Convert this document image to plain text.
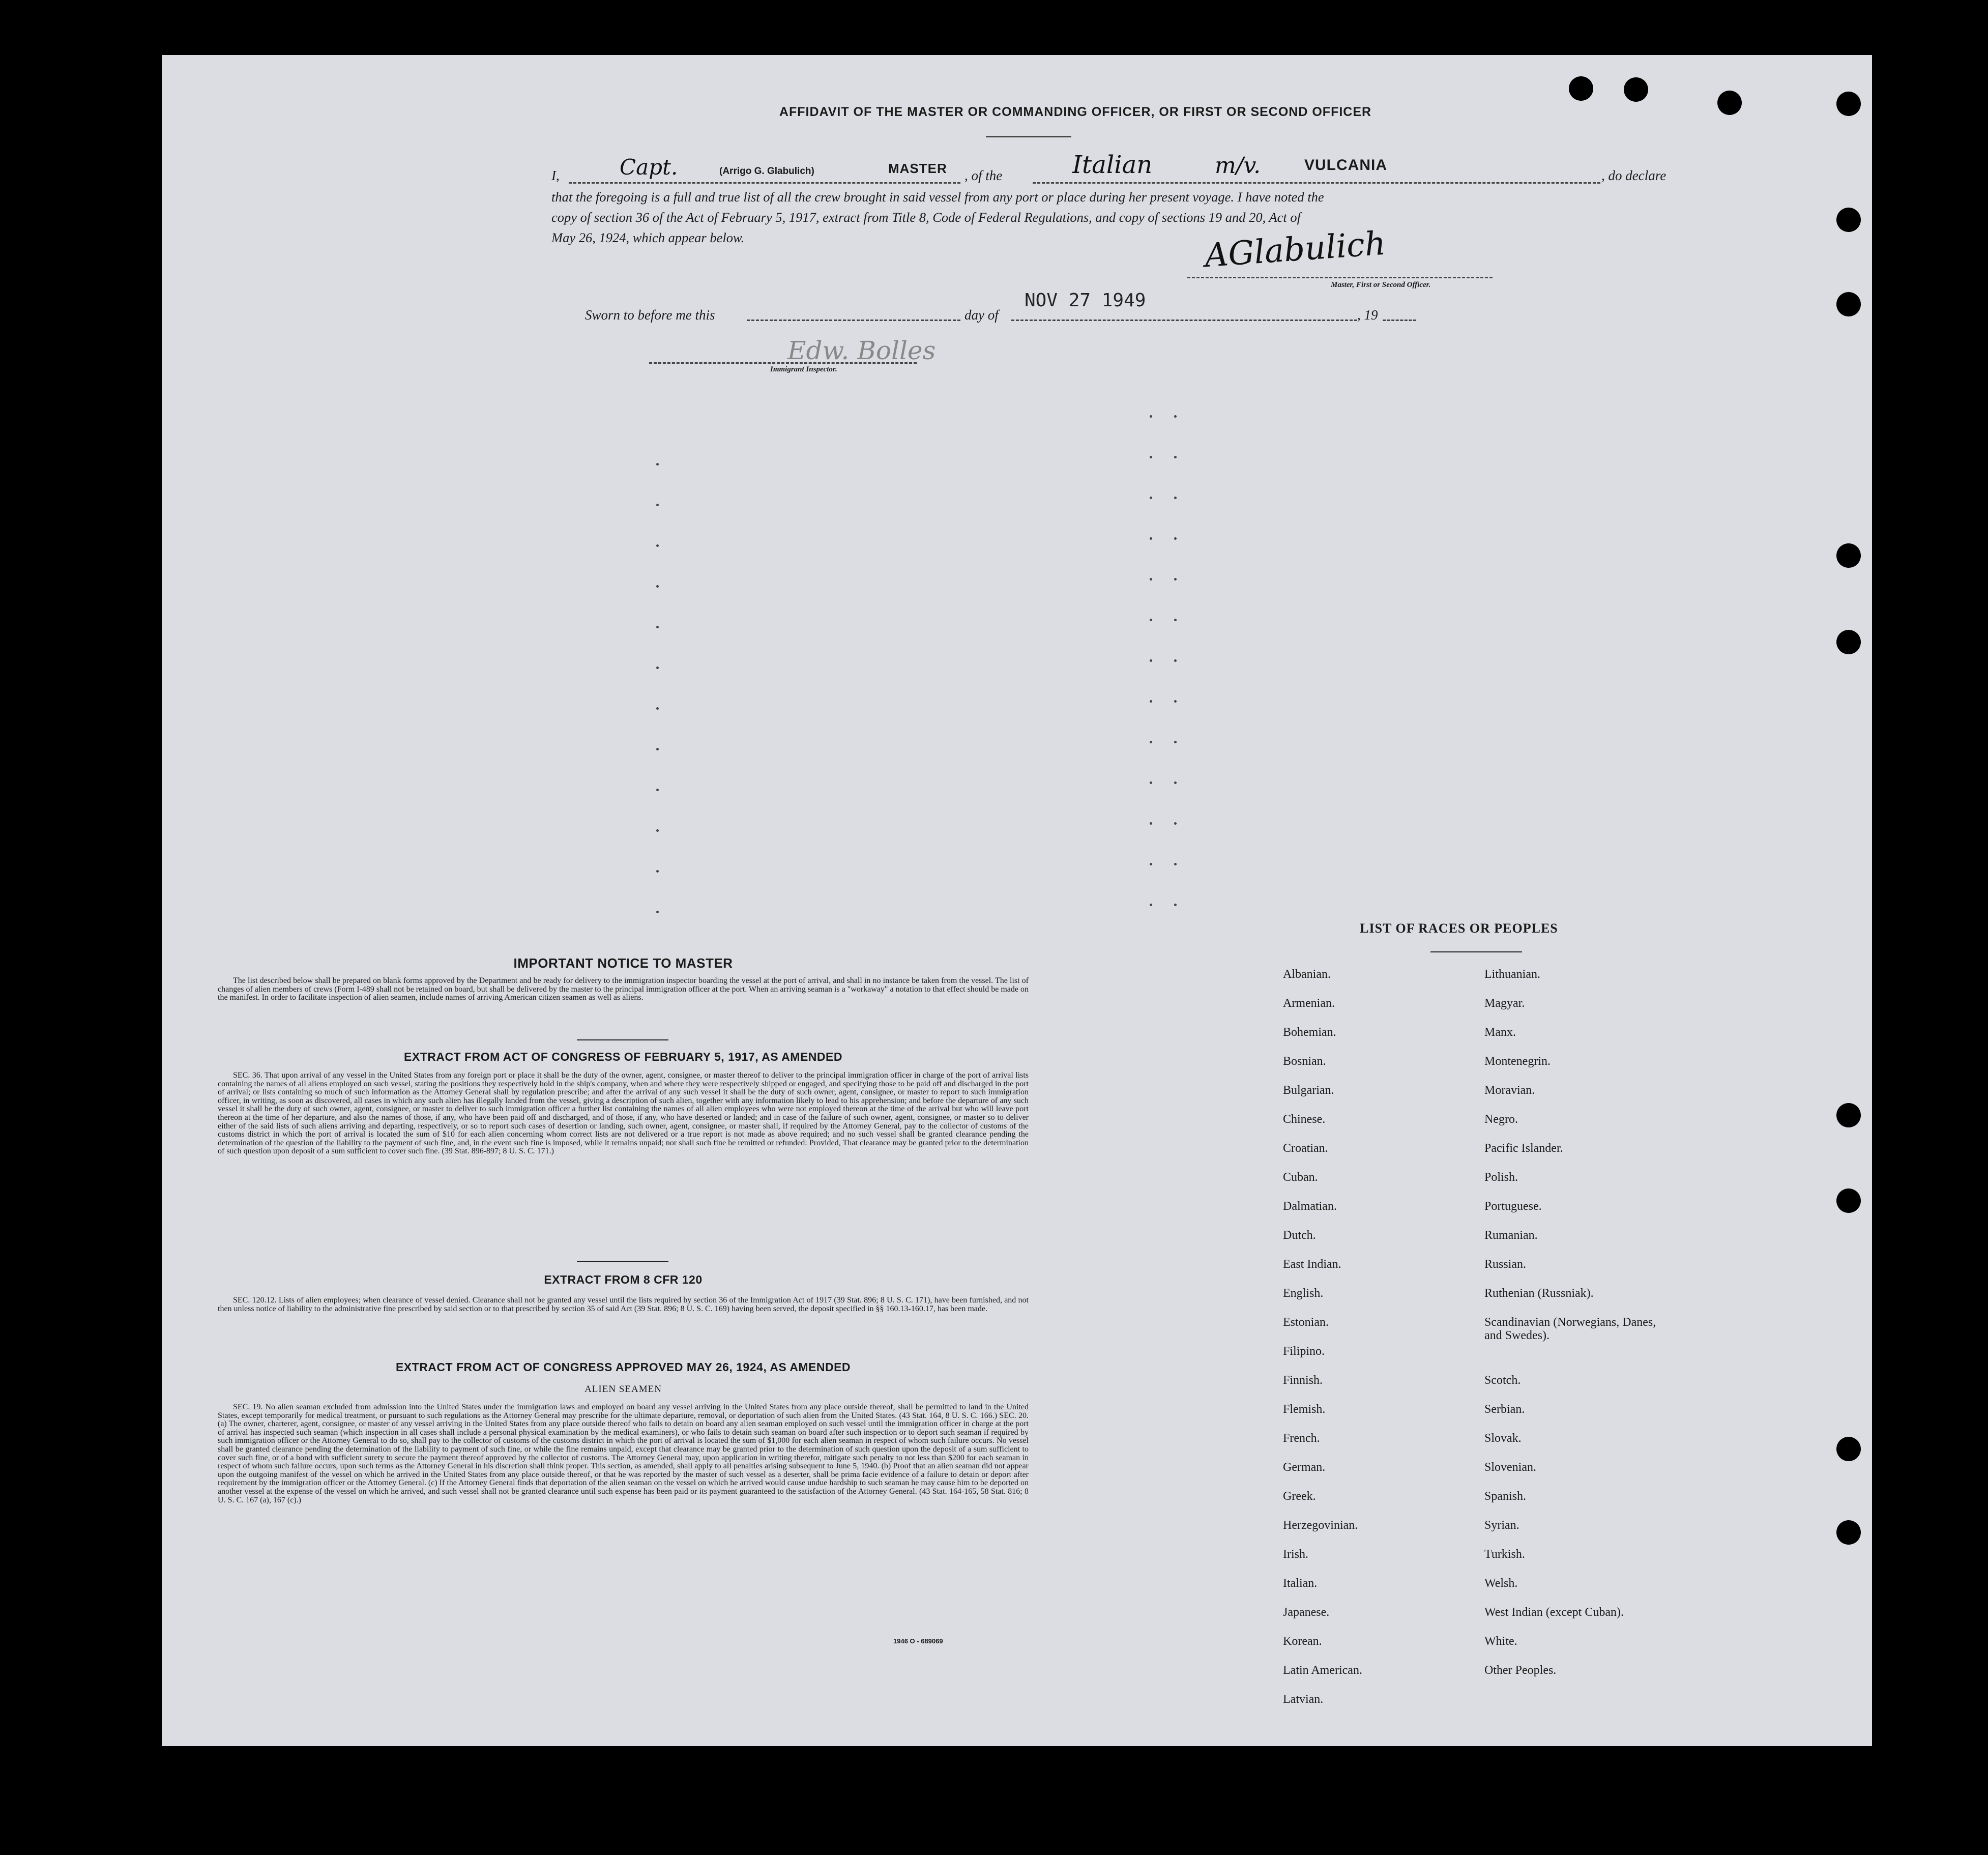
AFFIDAVIT OF THE MASTER OR COMMANDING OFFICER, OR FIRST OR SECOND OFFICER
I,	Capt.	(Arrigo G. Glabulich)	MASTER , of the	Italian	m/v.	VULCANIA
, do declare
that the foregoing is a full and true list of all the crew brought in said vessel from any port or place during her present voyage. I have noted the
copy of section 36 of the Act of February 5, 1917, extract from Title 8, Code of Federal Regulations, and copy of sections 19 and 20, Act of
May 26, 1924, which appear below.	AGlabulich
Master, First or Second Officer.
Sworn to before me this	day of
NOV 27 1949
, 19
Edw. Bolles
Immigrant Inspector.
IMPORTANT NOTICE TO MASTER
The list described below shall be prepared on blank forms approved by the Department and be ready for delivery to the immigration inspector boarding the vessel at the port of arrival, and shall in no instance be taken from the vessel. The list of changes of alien members of crews (Form I-489 shall not be retained on board, but shall be delivered by the master to the principal immigration officer at the port. When an arriving seaman is a "workaway" a notation to that effect should be made on the manifest. In order to facilitate inspection of alien seamen, include names of arriving American citizen seamen as well as aliens.
EXTRACT FROM ACT OF CONGRESS OF FEBRUARY 5, 1917, AS AMENDED
SEC. 36. That upon arrival of any vessel in the United States from any foreign port or place it shall be the duty of the owner, agent, consignee, or master thereof to deliver to the principal immigration officer in charge of the port of arrival lists containing the names of all aliens employed on such vessel, stating the positions they respectively hold in the ship's company, when and where they were respectively shipped or engaged, and specifying those to be paid off and discharged in the port of arrival; or lists containing so much of such information as the Attorney General shall by regulation prescribe; and after the arrival of any such vessel it shall be the duty of such owner, agent, consignee, or master to report to such immigration officer, in writing, as soon as discovered, all cases in which any such alien has illegally landed from the vessel, giving a description of such alien, together with any information likely to lead to his apprehension; and before the departure of any such vessel it shall be the duty of such owner, agent, consignee, or master to deliver to such immigration officer a further list containing the names of all alien employees who were not employed thereon at the time of the arrival but who will leave port thereon at the time of her departure, and also the names of those, if any, who have been paid off and discharged, and of those, if any, who have deserted or landed; and in case of the failure of such owner, agent, consignee, or master so to deliver either of the said lists of such aliens arriving and departing, respectively, or so to report such cases of desertion or landing, such owner, agent, consignee, or master shall, if required by the Attorney General, pay to the collector of customs of the customs district in which the port of arrival is located the sum of $10 for each alien concerning whom correct lists are not delivered or a true report is not made as above required; and no such vessel shall be granted clearance pending the determination of the question of the liability to the payment of such fine, and, in the event such fine is imposed, while it remains unpaid; nor shall such fine be remitted or refunded: Provided, That clearance may be granted prior to the determination of such question upon deposit of a sum sufficient to cover such fine. (39 Stat. 896-897; 8 U. S. C. 171.)
EXTRACT FROM 8 CFR 120
SEC. 120.12. Lists of alien employees; when clearance of vessel denied. Clearance shall not be granted any vessel until the lists required by section 36 of the Immigration Act of 1917 (39 Stat. 896; 8 U. S. C. 171), have been furnished, and not then unless notice of liability to the administrative fine prescribed by said section or to that prescribed by section 35 of said Act (39 Stat. 896; 8 U. S. C. 169) having been served, the deposit specified in §§ 160.13-160.17, has been made.
EXTRACT FROM ACT OF CONGRESS APPROVED MAY 26, 1924, AS AMENDED
ALIEN SEAMEN
SEC. 19. No alien seaman excluded from admission into the United States under the immigration laws and employed on board any vessel arriving in the United States from any place outside thereof, shall be permitted to land in the United States, except temporarily for medical treatment, or pursuant to such regulations as the Attorney General may prescribe for the ultimate departure, removal, or deportation of such alien from the United States. (43 Stat. 164, 8 U. S. C. 166.) SEC. 20. (a) The owner, charterer, agent, consignee, or master of any vessel arriving in the United States from any place outside thereof who fails to detain on board any alien seaman employed on such vessel until the immigration officer in charge at the port of arrival has inspected such seaman (which inspection in all cases shall include a personal physical examination by the medical examiners), or who fails to detain such seaman on board after such inspection or to deport such seaman if required by such immigration officer or the Attorney General to do so, shall pay to the collector of customs of the customs district in which the port of arrival is located the sum of $1,000 for each alien seaman in respect of whom such failure occurs. No vessel shall be granted clearance pending the determination of the liability to payment of such fine, or while the fine remains unpaid, except that clearance may be granted prior to the determination of such question upon the deposit of a sum sufficient to cover such fine, or of a bond with sufficient surety to secure the payment thereof approved by the collector of customs. The Attorney General may, upon application in writing therefor, mitigate such penalty to not less than $200 for each seaman in respect of whom such failure occurs, upon such terms as the Attorney General in his discretion shall think proper. This section, as amended, shall apply to all penalties arising subsequent to June 5, 1940. (b) Proof that an alien seaman did not appear upon the outgoing manifest of the vessel on which he arrived in the United States from any place outside thereof, or that he was reported by the master of such vessel as a deserter, shall be prima facie evidence of a failure to detain or deport after requirement by the immigration officer or the Attorney General. (c) If the Attorney General finds that deportation of the alien seaman on the vessel on which he arrived would cause undue hardship to such seaman he may cause him to be deported on another vessel at the expense of the vessel on which he arrived, and such vessel shall not be granted clearance until such expense has been paid or its payment guaranteed to the satisfaction of the Attorney General. (43 Stat. 164-165, 58 Stat. 816; 8 U. S. C. 167 (a), 167 (c).)
1946 O - 689069
LIST OF RACES OR PEOPLES
Albanian.
Armenian.
Bohemian.
Bosnian.
Bulgarian.
Chinese.
Croatian.
Cuban.
Dalmatian.
Dutch.
East Indian.
English.
Estonian.
Filipino.
Finnish.
Flemish.
French.
German.
Greek.
Herzegovinian.
Irish.
Italian.
Japanese.
Korean.
Latin American.
Latvian.
Lithuanian.
Magyar.
Manx.
Montenegrin.
Moravian.
Negro.
Pacific Islander.
Polish.
Portuguese.
Rumanian.
Russian.
Ruthenian (Russniak).
Scandinavian (Norwegians, Danes, and Swedes).
Scotch.
Serbian.
Slovak.
Slovenian.
Spanish.
Syrian.
Turkish.
Welsh.
West Indian (except Cuban).
White.
Other Peoples.
